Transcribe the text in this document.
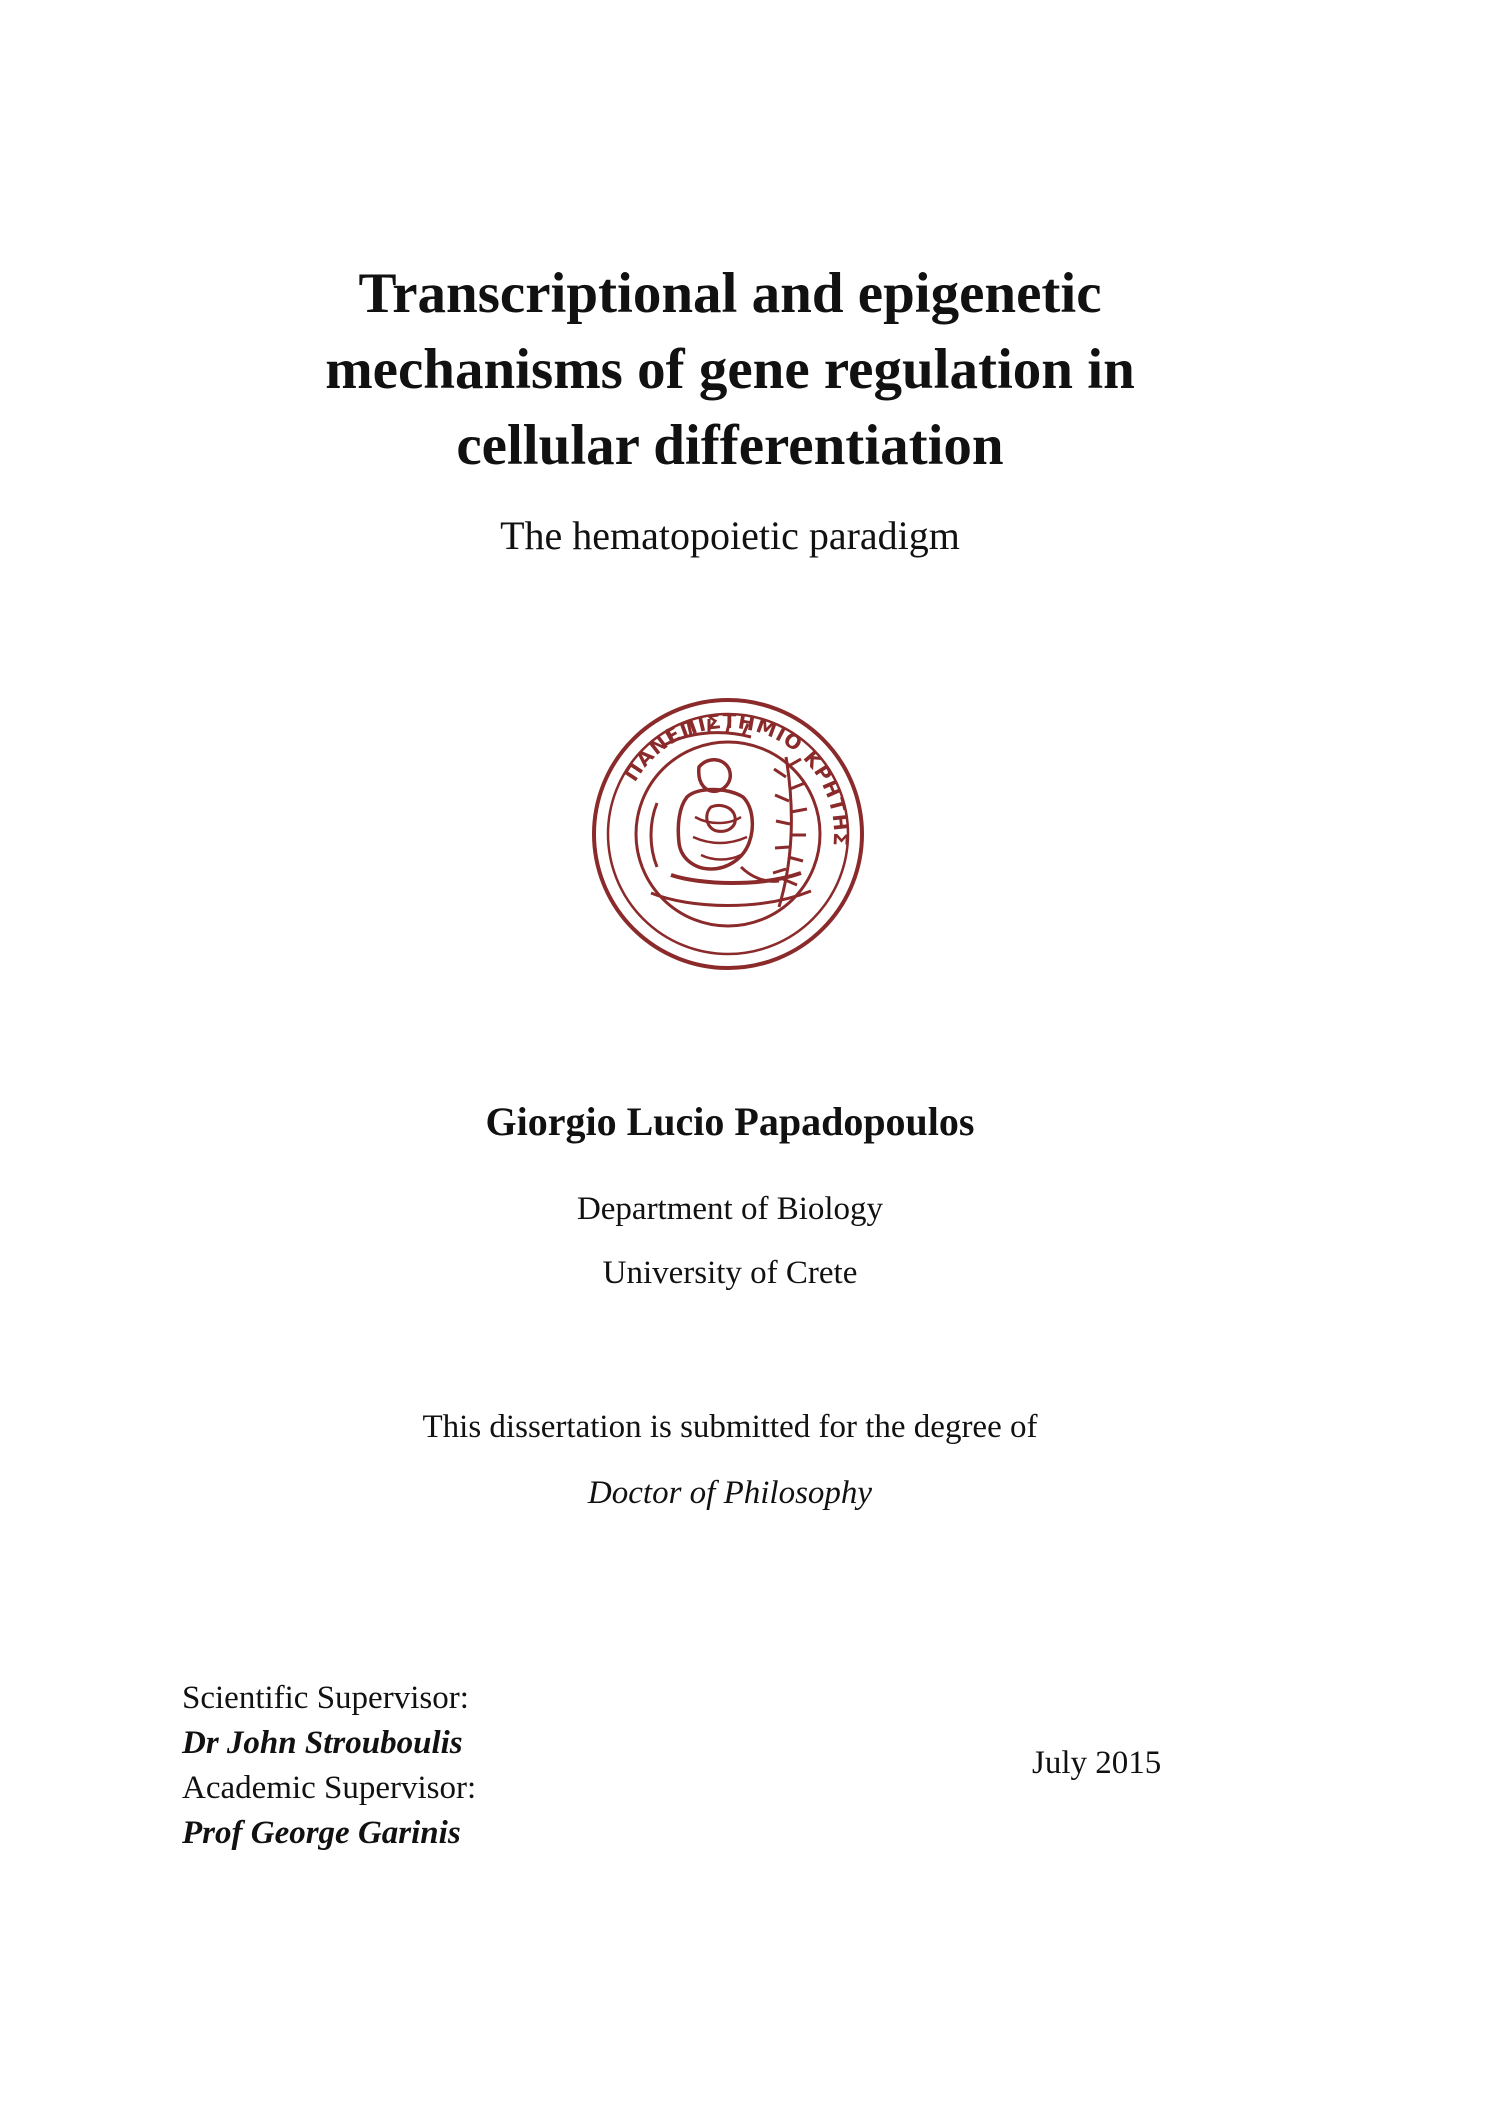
Transcriptional and epigenetic
mechanisms of gene regulation in
cellular differentiation
The hematopoietic paradigm
ΠΑΝΕΠΙΣΤΗΜΙΟ ΚΡΗΤΗΣ
Giorgio Lucio Papadopoulos
Department of Biology
University of Crete
This dissertation is submitted for the degree of
Doctor of Philosophy
Scientific Supervisor:
Dr John Strouboulis
Academic Supervisor:
Prof George Garinis
July 2015
